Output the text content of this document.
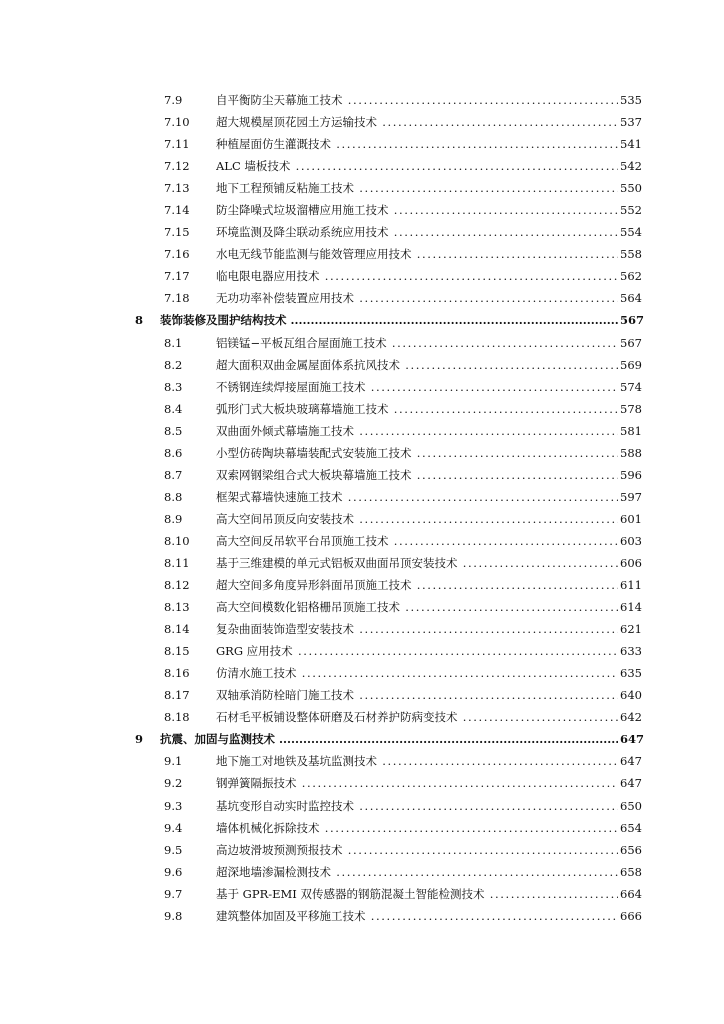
7.9	自平衡防尘天幕施工技术 .....	535
7.10 超大规模屋顶花园土方运输技术 .....	537
7.11 种植屋面仿生灌溉技术 .....	541
7.12 ALC 墙板技术 .....	542
7.13 地下工程预铺反粘施工技术 .....	550
7.14 防尘降噪式垃圾溜槽应用施工技术 .....	552
7.15 环境监测及降尘联动系统应用技术 .....	554
7.16 水电无线节能监测与能效管理应用技术 .....	558
7.17 临电限电器应用技术 .....	562
7.18 无功功率补偿装置应用技术 .....	564
8 装饰装修及围护结构技术 .....	567
8.1	铝镁锰−平板瓦组合屋面施工技术 .....	567
8.2	超大面积双曲金属屋面体系抗风技术 .....	569
8.3	不锈钢连续焊接屋面施工技术 .....	574
8.4	弧形门式大板块玻璃幕墙施工技术 .....	578
8.5	双曲面外倾式幕墙施工技术 .....	581
8.6	小型仿砖陶块幕墙装配式安装施工技术 .....	588
8.7	双索网钢梁组合式大板块幕墙施工技术 .....	596
8.8	框架式幕墙快速施工技术 .....	597
8.9	高大空间吊顶反向安装技术 .....	601
8.10 高大空间反吊软平台吊顶施工技术 .....	603
8.11 基于三维建模的单元式铝板双曲面吊顶安装技术 .....	606
8.12 超大空间多角度异形斜面吊顶施工技术 .....	611
8.13 高大空间模数化铝格栅吊顶施工技术 .....	614
8.14 复杂曲面装饰造型安装技术 .....	621
8.15 GRG 应用技术 .....	633
8.16 仿清水施工技术 .....	635
8.17 双轴承消防栓暗门施工技术 .....	640
8.18 石材毛平板铺设整体研磨及石材养护防病变技术 .....	642
9 抗震、加固与监测技术 .....	647
9.1	地下施工对地铁及基坑监测技术 .....	647
9.2	钢弹簧隔振技术 .....	647
9.3	基坑变形自动实时监控技术 .....	650
9.4	墙体机械化拆除技术 .....	654
9.5	高边坡滑坡预测预报技术 .....	656
9.6	超深地墙渗漏检测技术 .....	658
9.7	基于 GPR-EMI 双传感器的钢筋混凝土智能检测技术 .....	664
9.8	建筑整体加固及平移施工技术 .....	666
